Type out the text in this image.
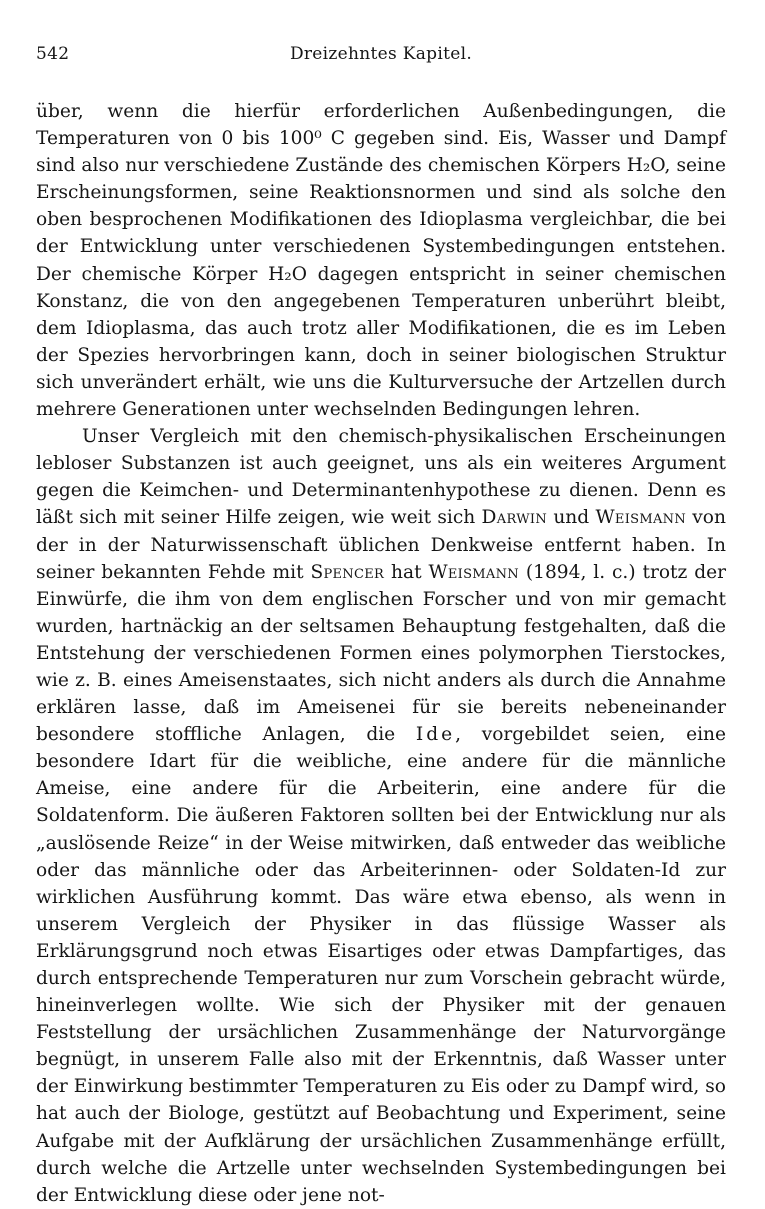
542	Dreizehntes Kapitel.

über, wenn die hierfür erforderlichen Außenbedingungen, die Temperaturen von 0 bis 100⁰ C gegeben sind. Eis, Wasser und Dampf sind also nur verschiedene Zustände des chemischen Körpers H₂O, seine Erscheinungsformen, seine Reaktionsnormen und sind als solche den oben besprochenen Modifikationen des Idioplasma vergleichbar, die bei der Entwicklung unter verschiedenen Systembedingungen entstehen. Der chemische Körper H₂O dagegen entspricht in seiner chemischen Konstanz, die von den angegebenen Temperaturen unberührt bleibt, dem Idioplasma, das auch trotz aller Modifikationen, die es im Leben der Spezies hervorbringen kann, doch in seiner biologischen Struktur sich unverändert erhält, wie uns die Kulturversuche der Artzellen durch mehrere Generationen unter wechselnden Bedingungen lehren.

Unser Vergleich mit den chemisch-physikalischen Erscheinungen lebloser Substanzen ist auch geeignet, uns als ein weiteres Argument gegen die Keimchen- und Determinantenhypothese zu dienen. Denn es läßt sich mit seiner Hilfe zeigen, wie weit sich Darwin und Weismann von der in der Naturwissenschaft üblichen Denkweise entfernt haben. In seiner bekannten Fehde mit Spencer hat Weismann (1894, l. c.) trotz der Einwürfe, die ihm von dem englischen Forscher und von mir gemacht wurden, hartnäckig an der seltsamen Behauptung festgehalten, daß die Entstehung der verschiedenen Formen eines polymorphen Tierstockes, wie z. B. eines Ameisenstaates, sich nicht anders als durch die Annahme erklären lasse, daß im Ameisenei für sie bereits nebeneinander besondere stoffliche Anlagen, die Ide, vorgebildet seien, eine besondere Idart für die weibliche, eine andere für die männliche Ameise, eine andere für die Arbeiterin, eine andere für die Soldatenform. Die äußeren Faktoren sollten bei der Entwicklung nur als „auslösende Reize“ in der Weise mitwirken, daß entweder das weibliche oder das männliche oder das Arbeiterinnen- oder Soldaten-Id zur wirklichen Ausführung kommt. Das wäre etwa ebenso, als wenn in unserem Vergleich der Physiker in das flüssige Wasser als Erklärungsgrund noch etwas Eisartiges oder etwas Dampfartiges, das durch entsprechende Temperaturen nur zum Vorschein gebracht würde, hineinverlegen wollte. Wie sich der Physiker mit der genauen Feststellung der ursächlichen Zusammenhänge der Naturvorgänge begnügt, in unserem Falle also mit der Erkenntnis, daß Wasser unter der Einwirkung bestimmter Temperaturen zu Eis oder zu Dampf wird, so hat auch der Biologe, gestützt auf Beobachtung und Experiment, seine Aufgabe mit der Aufklärung der ursächlichen Zusammenhänge erfüllt, durch welche die Artzelle unter wechselnden Systembedingungen bei der Entwicklung diese oder jene not-
